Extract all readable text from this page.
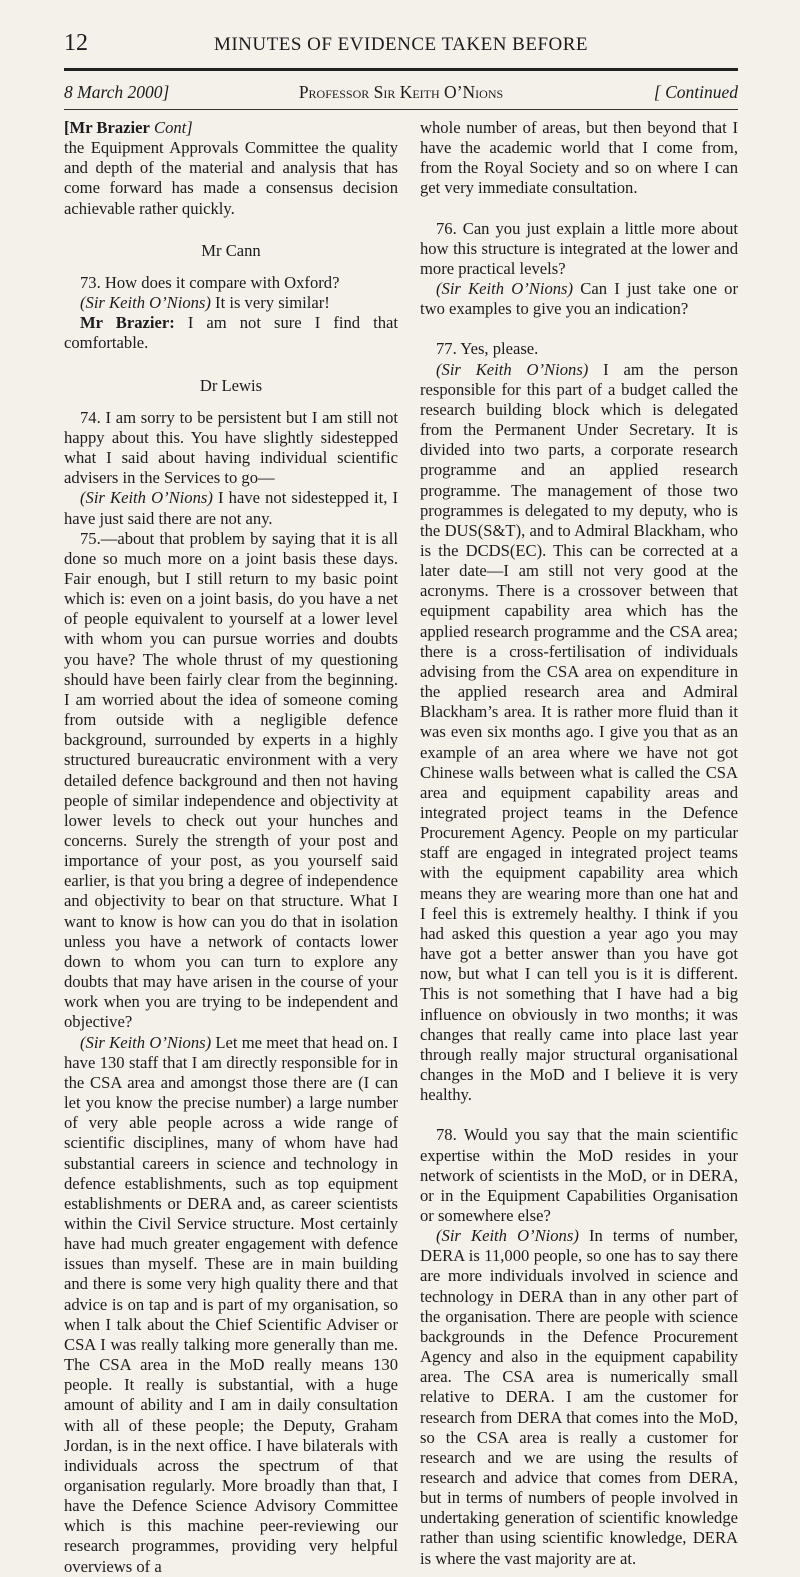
12	MINUTES OF EVIDENCE TAKEN BEFORE
8 March 2000]	Professor Sir Keith O’Nions	[ Continued

[Mr Brazier Cont]

the Equipment Approvals Committee the quality and depth of the material and analysis that has come forward has made a consensus decision achievable rather quickly.

Mr Cann

73. How does it compare with Oxford?

(Sir Keith O’Nions) It is very similar!

Mr Brazier: I am not sure I find that comfortable.

Dr Lewis

74. I am sorry to be persistent but I am still not happy about this. You have slightly sidestepped what I said about having individual scientific advisers in the Services to go—

(Sir Keith O’Nions) I have not sidestepped it, I have just said there are not any.

75.—about that problem by saying that it is all done so much more on a joint basis these days. Fair enough, but I still return to my basic point which is: even on a joint basis, do you have a net of people equivalent to yourself at a lower level with whom you can pursue worries and doubts you have? The whole thrust of my questioning should have been fairly clear from the beginning. I am worried about the idea of someone coming from outside with a negligible defence background, surrounded by experts in a highly structured bureaucratic environment with a very detailed defence background and then not having people of similar independence and objectivity at lower levels to check out your hunches and concerns. Surely the strength of your post and importance of your post, as you yourself said earlier, is that you bring a degree of independence and objectivity to bear on that structure. What I want to know is how can you do that in isolation unless you have a network of contacts lower down to whom you can turn to explore any doubts that may have arisen in the course of your work when you are trying to be independent and objective?

(Sir Keith O’Nions) Let me meet that head on. I have 130 staff that I am directly responsible for in the CSA area and amongst those there are (I can let you know the precise number) a large number of very able people across a wide range of scientific disciplines, many of whom have had substantial careers in science and technology in defence establishments, such as top equipment establishments or DERA and, as career scientists within the Civil Service structure. Most certainly have had much greater engagement with defence issues than myself. These are in main building and there is some very high quality there and that advice is on tap and is part of my organisation, so when I talk about the Chief Scientific Adviser or CSA I was really talking more generally than me. The CSA area in the MoD really means 130 people. It really is substantial, with a huge amount of ability and I am in daily consultation with all of these people; the Deputy, Graham Jordan, is in the next office. I have bilaterals with individuals across the spectrum of that organisation regularly. More broadly than that, I have the Defence Science Advisory Committee which is this machine peer-reviewing our research programmes, providing very helpful overviews of a

whole number of areas, but then beyond that I have the academic world that I come from, from the Royal Society and so on where I can get very immediate consultation.

76. Can you just explain a little more about how this structure is integrated at the lower and more practical levels?

(Sir Keith O’Nions) Can I just take one or two examples to give you an indication?

77. Yes, please.

(Sir Keith O’Nions) I am the person responsible for this part of a budget called the research building block which is delegated from the Permanent Under Secretary. It is divided into two parts, a corporate research programme and an applied research programme. The management of those two programmes is delegated to my deputy, who is the DUS(S&T), and to Admiral Blackham, who is the DCDS(EC). This can be corrected at a later date—I am still not very good at the acronyms. There is a crossover between that equipment capability area which has the applied research programme and the CSA area; there is a cross-fertilisation of individuals advising from the CSA area on expenditure in the applied research area and Admiral Blackham’s area. It is rather more fluid than it was even six months ago. I give you that as an example of an area where we have not got Chinese walls between what is called the CSA area and equipment capability areas and integrated project teams in the Defence Procurement Agency. People on my particular staff are engaged in integrated project teams with the equipment capability area which means they are wearing more than one hat and I feel this is extremely healthy. I think if you had asked this question a year ago you may have got a better answer than you have got now, but what I can tell you is it is different. This is not something that I have had a big influence on obviously in two months; it was changes that really came into place last year through really major structural organisational changes in the MoD and I believe it is very healthy.

78. Would you say that the main scientific expertise within the MoD resides in your network of scientists in the MoD, or in DERA, or in the Equipment Capabilities Organisation or somewhere else?

(Sir Keith O’Nions) In terms of number, DERA is 11,000 people, so one has to say there are more individuals involved in science and technology in DERA than in any other part of the organisation. There are people with science backgrounds in the Defence Procurement Agency and also in the equipment capability area. The CSA area is numerically small relative to DERA. I am the customer for research from DERA that comes into the MoD, so the CSA area is really a customer for research and we are using the results of research and advice that comes from DERA, but in terms of numbers of people involved in undertaking generation of scientific knowledge rather than using scientific knowledge, DERA is where the vast majority are at.
